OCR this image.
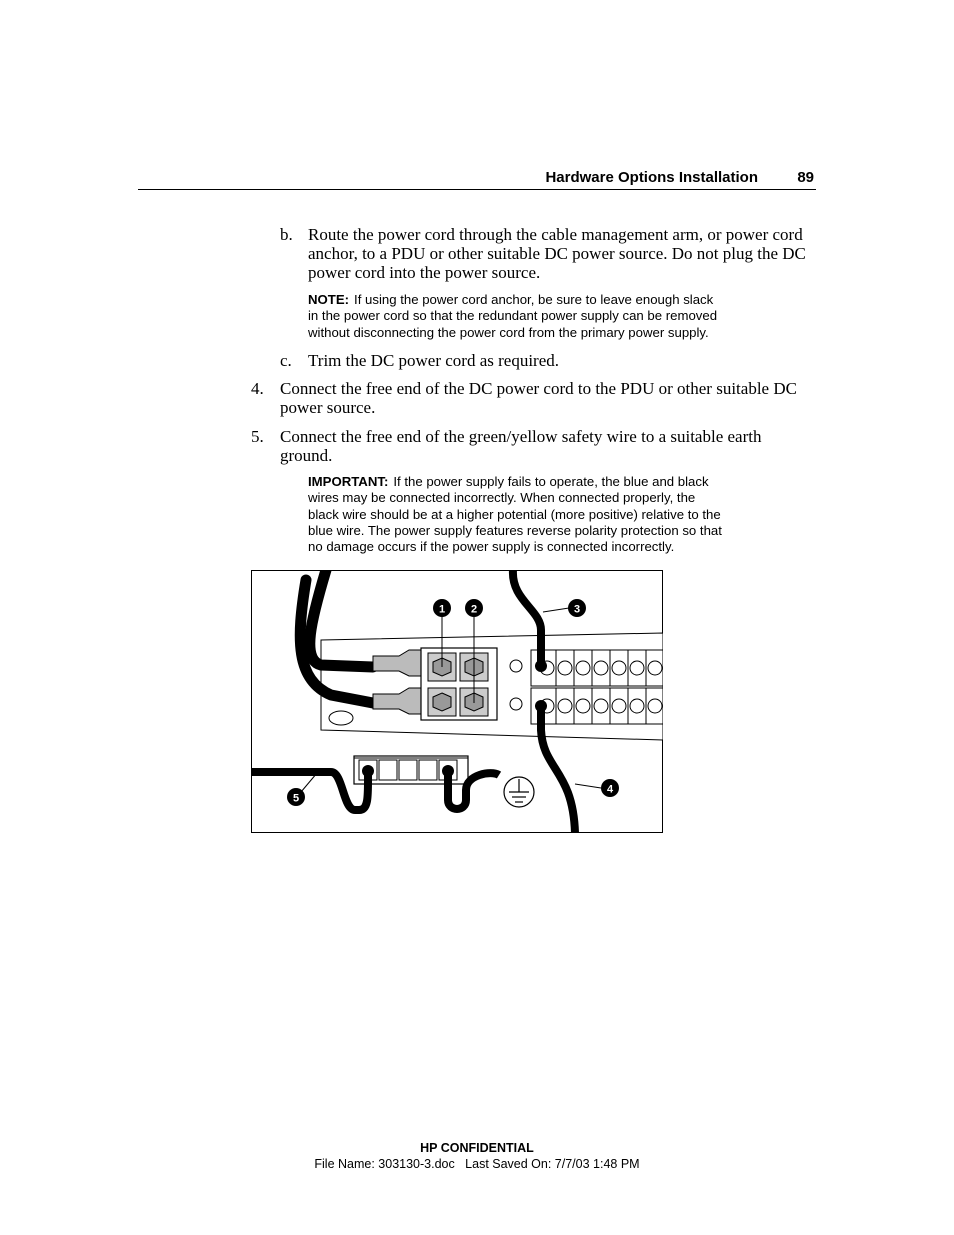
Hardware Options Installation	89
b. Route the power cord through the cable management arm, or power cord
anchor, to a PDU or other suitable DC power source. Do not plug the DC
power cord into the power source.
NOTE: If using the power cord anchor, be sure to leave enough slack
in the power cord so that the redundant power supply can be removed
without disconnecting the power cord from the primary power supply.
c. Trim the DC power cord as required.
4. Connect the free end of the DC power cord to the PDU or other suitable DC
power source.
5. Connect the free end of the green/yellow safety wire to a suitable earth
ground.
IMPORTANT: If the power supply fails to operate, the blue and black
wires may be connected incorrectly. When connected properly, the
black wire should be at a higher potential (more positive) relative to the
blue wire. The power supply features reverse polarity protection so that
no damage occurs if the power supply is connected incorrectly.
1 2	3
4
5
HP CONFIDENTIAL
File Name: 303130-3.doc   Last Saved On: 7/7/03 1:48 PM
